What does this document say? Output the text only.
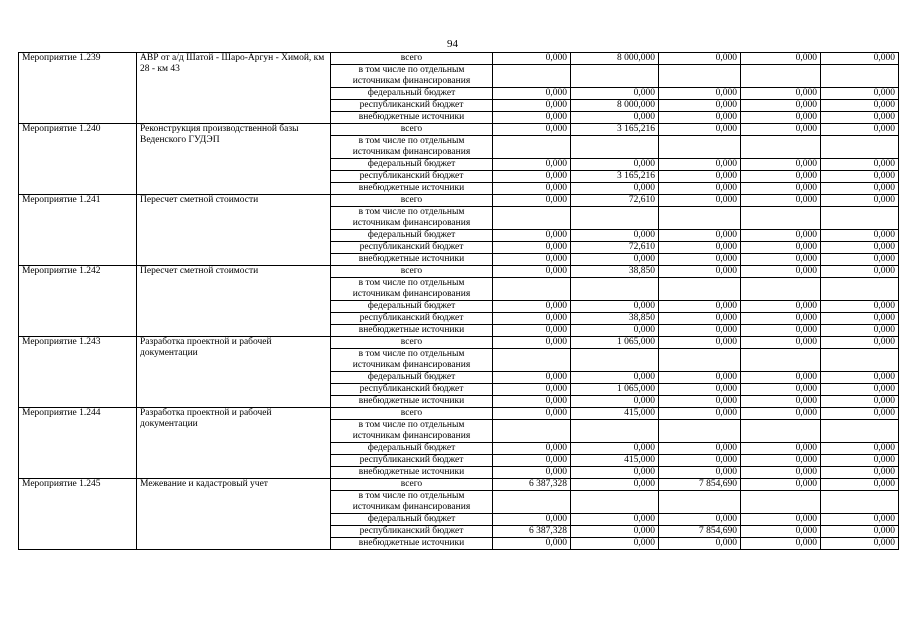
94
Мероприятие 1.239	АВР от а/д Шатой - Шаро-Аргун - Химой, км 28 - км 43	всего	0,000	8 000,000	0,000	0,000	0,000
		в том числе по отдельным источникам финансирования					
		федеральный бюджет	0,000	0,000	0,000	0,000	0,000
		республиканский бюджет	0,000	8 000,000	0,000	0,000	0,000
		внебюджетные источники	0,000	0,000	0,000	0,000	0,000
Мероприятие 1.240	Реконструкция производственной базы Веденского ГУДЭП	всего	0,000	3 165,216	0,000	0,000	0,000
		в том числе по отдельным источникам финансирования					
		федеральный бюджет	0,000	0,000	0,000	0,000	0,000
		республиканский бюджет	0,000	3 165,216	0,000	0,000	0,000
		внебюджетные источники	0,000	0,000	0,000	0,000	0,000
Мероприятие 1.241	Пересчет сметной стоимости	всего	0,000	72,610	0,000	0,000	0,000
		в том числе по отдельным источникам финансирования					
		федеральный бюджет	0,000	0,000	0,000	0,000	0,000
		республиканский бюджет	0,000	72,610	0,000	0,000	0,000
		внебюджетные источники	0,000	0,000	0,000	0,000	0,000
Мероприятие 1.242	Пересчет сметной стоимости	всего	0,000	38,850	0,000	0,000	0,000
		в том числе по отдельным источникам финансирования					
		федеральный бюджет	0,000	0,000	0,000	0,000	0,000
		республиканский бюджет	0,000	38,850	0,000	0,000	0,000
		внебюджетные источники	0,000	0,000	0,000	0,000	0,000
Мероприятие 1.243	Разработка проектной и рабочей документации	всего	0,000	1 065,000	0,000	0,000	0,000
		в том числе по отдельным источникам финансирования					
		федеральный бюджет	0,000	0,000	0,000	0,000	0,000
		республиканский бюджет	0,000	1 065,000	0,000	0,000	0,000
		внебюджетные источники	0,000	0,000	0,000	0,000	0,000
Мероприятие 1.244	Разработка проектной и рабочей документации	всего	0,000	415,000	0,000	0,000	0,000
		в том числе по отдельным источникам финансирования					
		федеральный бюджет	0,000	0,000	0,000	0,000	0,000
		республиканский бюджет	0,000	415,000	0,000	0,000	0,000
		внебюджетные источники	0,000	0,000	0,000	0,000	0,000
Мероприятие 1.245	Межевание и кадастровый учет	всего	6 387,328	0,000	7 854,690	0,000	0,000
		в том числе по отдельным источникам финансирования					
		федеральный бюджет	0,000	0,000	0,000	0,000	0,000
		республиканский бюджет	6 387,328	0,000	7 854,690	0,000	0,000
		внебюджетные источники	0,000	0,000	0,000	0,000	0,000
